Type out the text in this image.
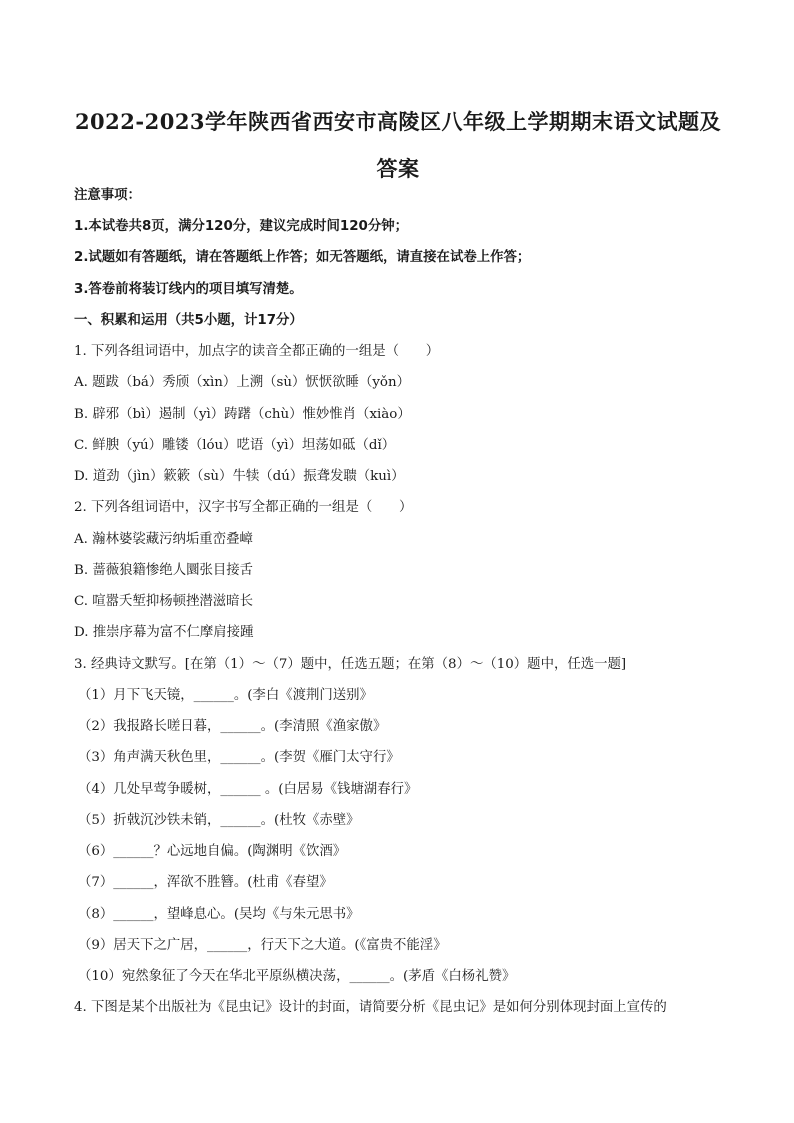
2022-2023学年陕西省西安市高陵区八年级上学期期末语文试题及答案
注意事项：
1.本试卷共8页，满分120分，建议完成时间120分钟；
2.试题如有答题纸，请在答题纸上作答；如无答题纸，请直接在试卷上作答；
3.答卷前将装订线内的项目填写清楚。
一、积累和运用（共5小题，计17分）
1. 下列各组词语中，加点字的读音全都正确的一组是（　　）
A. 题跋（bá）秀颀（xìn）上溯（sù）恹恹欲睡（yǒn）
B. 辟邪（bì）遏制（yì）踌躇（chù）惟妙惟肖（xiào）
C. 鲜腴（yú）雕镂（lóu）呓语（yì）坦荡如砥（dǐ）
D. 道劲（jìn）簌簌（sù）牛犊（dú）振聋发聩（kuì）
2. 下列各组词语中，汉字书写全都正确的一组是（　　）
A. 瀚林婆裟藏污纳垢重峦叠嶂
B. 蔷薇狼籍惨绝人圜张目接舌
C. 喧嚣夭堑抑杨顿挫潜滋暗长
D. 推崇序幕为富不仁摩肩接踵
3. 经典诗文默写。[在第（1）～（7）题中，任选五题；在第（8）～（10）题中，任选一题]
（1）月下飞天镜，______。(李白《渡荆门送别》
（2）我报路长嗟日暮，______。(李清照《渔家傲》
（3）角声满天秋色里，______。(李贺《雁门太守行》
（4）几处早莺争暖树，______ 。(白居易《钱塘湖春行》
（5）折戟沉沙铁未销，______。(杜牧《赤壁》
（6）______？心远地自偏。(陶渊明《饮酒》
（7）______，浑欲不胜簪。(杜甫《春望》
（8）______，望峰息心。(吴均《与朱元思书》
（9）居天下之广居，______，行天下之大道。(《富贵不能淫》
（10）宛然象征了今天在华北平原纵横决荡，______。(茅盾《白杨礼赞》
4. 下图是某个出版社为《昆虫记》设计的封面，请简要分析《昆虫记》是如何分别体现封面上宣传的
